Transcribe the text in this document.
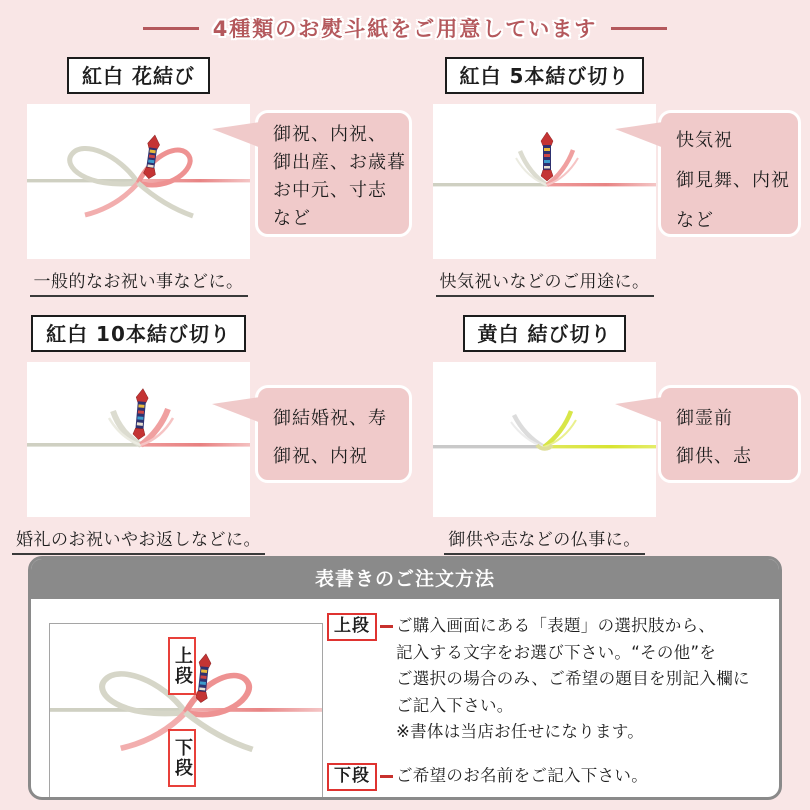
4種類のお熨斗紙をご用意しています
紅白 花結び
一般的なお祝い事などに。
御祝、内祝、
御出産、お歳暮
お中元、寸志
など
紅白 5本結び切り
快気祝いなどのご用途に。
快気祝
御見舞、内祝
など
紅白 10本結び切り
婚礼のお祝いやお返しなどに。
御結婚祝、寿
御祝、内祝
黄白 結び切り
御供や志などの仏事に。
御霊前
御供、志
表書きのご注文方法
上段
下段
上段	ご購入画面にある「表題」の選択肢から、
記入する文字をお選び下さい。“その他”を
ご選択の場合のみ、ご希望の題目を別記入欄に
ご記入下さい。
※書体は当店お任せになります。
下段	ご希望のお名前をご記入下さい。
